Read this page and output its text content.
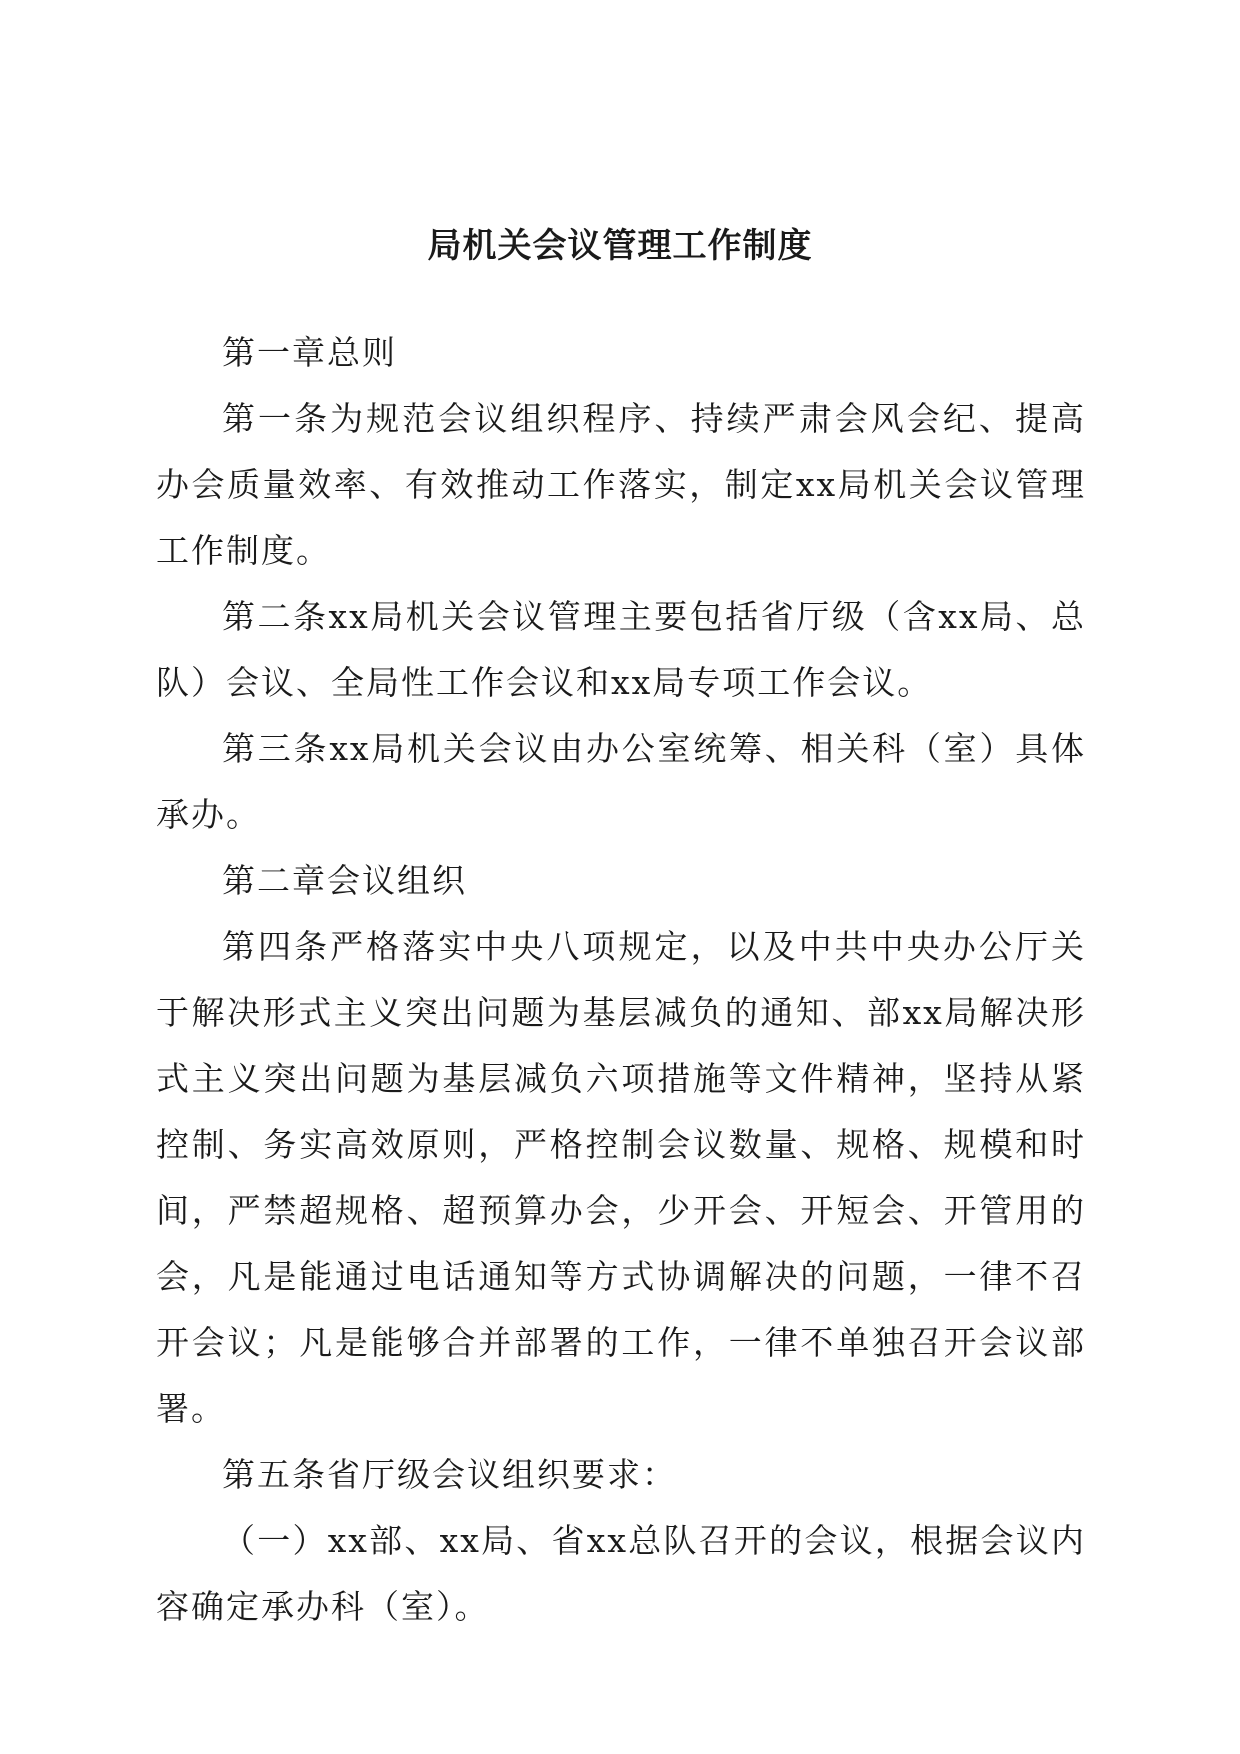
局机关会议管理工作制度

第一章总则

第一条为规范会议组织程序、持续严肃会风会纪、提高办会质量效率、有效推动工作落实，制定xx局机关会议管理工作制度。

第二条xx局机关会议管理主要包括省厅级（含xx局、总队）会议、全局性工作会议和xx局专项工作会议。

第三条xx局机关会议由办公室统筹、相关科（室）具体承办。

第二章会议组织

第四条严格落实中央八项规定，以及中共中央办公厅关于解决形式主义突出问题为基层减负的通知、部xx局解决形式主义突出问题为基层减负六项措施等文件精神，坚持从紧控制、务实高效原则，严格控制会议数量、规格、规模和时间，严禁超规格、超预算办会，少开会、开短会、开管用的会，凡是能通过电话通知等方式协调解决的问题，一律不召开会议；凡是能够合并部署的工作，一律不单独召开会议部署。

第五条省厅级会议组织要求：

（一）xx部、xx局、省xx总队召开的会议，根据会议内容确定承办科（室）。
